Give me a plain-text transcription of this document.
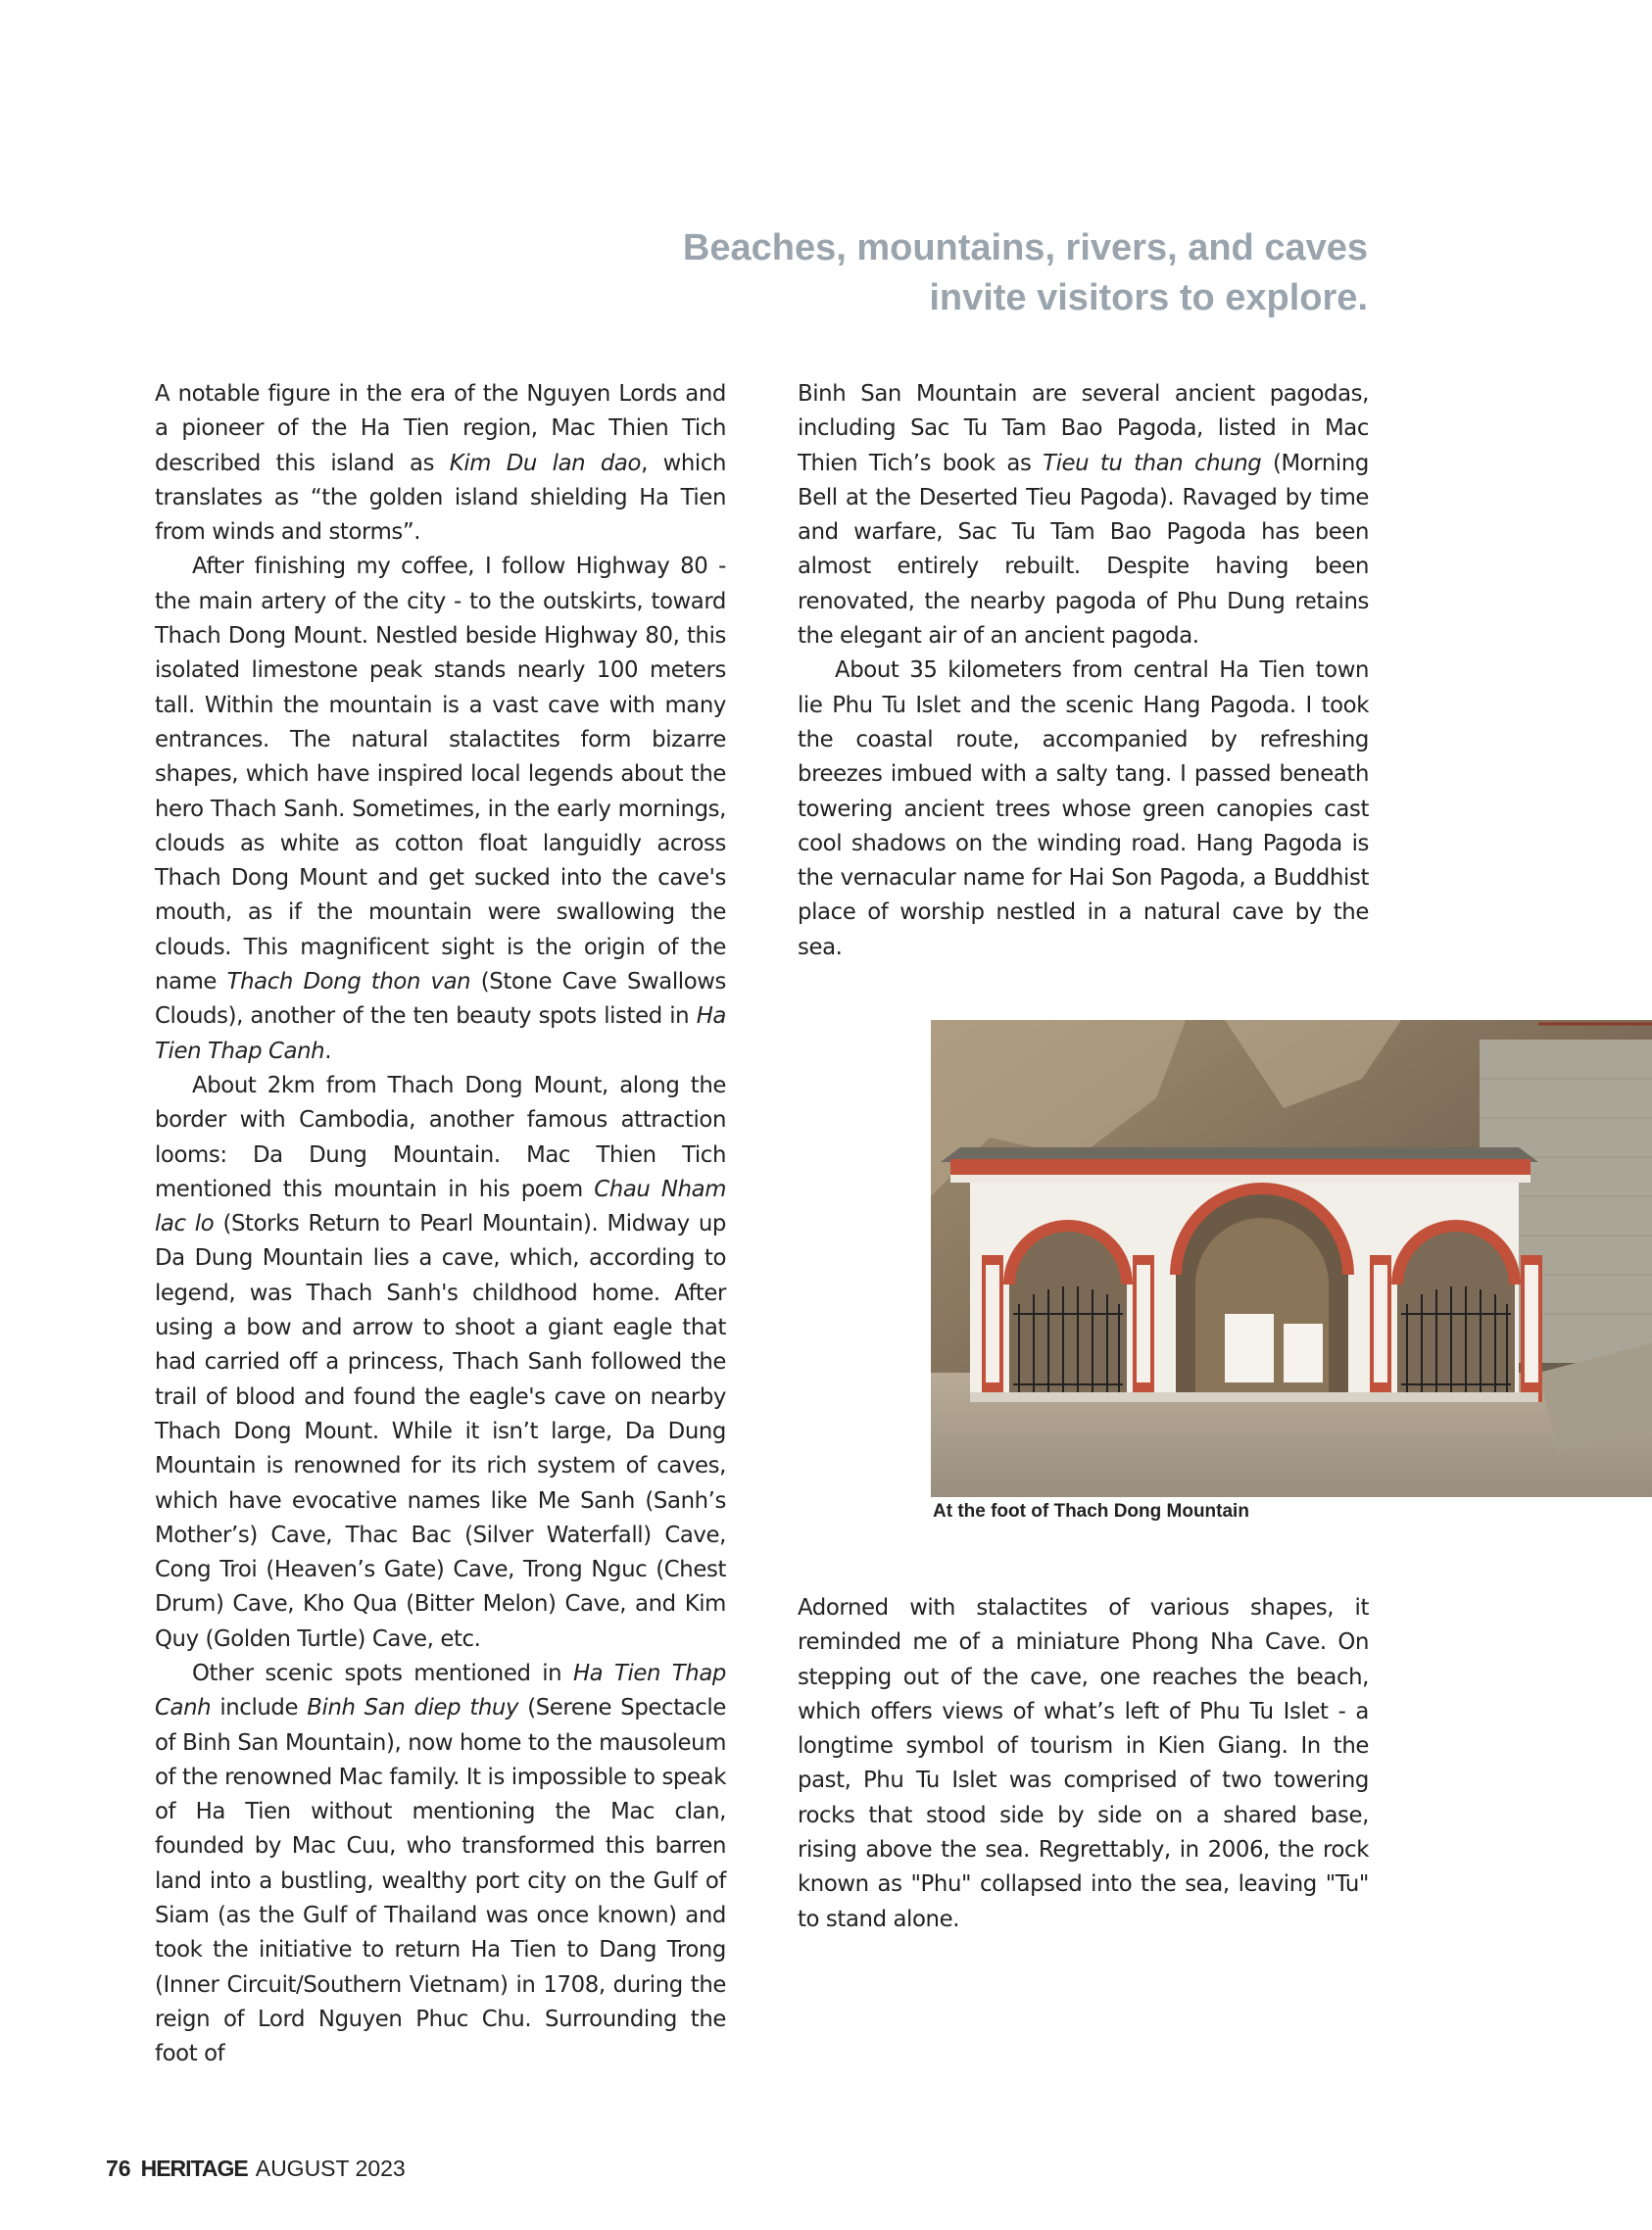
Beaches, mountains, rivers, and caves
invite visitors to explore.

A notable figure in the era of the Nguyen Lords and a pioneer of the Ha Tien region, Mac Thien Tich described this island as Kim Du lan dao, which translates as “the golden island shielding Ha Tien from winds and storms”.

After finishing my coffee, I follow Highway 80 - the main artery of the city - to the outskirts, toward Thach Dong Mount. Nestled beside Highway 80, this isolated limestone peak stands nearly 100 meters tall. Within the mountain is a vast cave with many entrances. The natural stalactites form bizarre shapes, which have inspired local legends about the hero Thach Sanh. Sometimes, in the early mornings, clouds as white as cotton float languidly across Thach Dong Mount and get sucked into the cave's mouth, as if the mountain were swallowing the clouds. This magnificent sight is the origin of the name Thach Dong thon van (Stone Cave Swallows Clouds), another of the ten beauty spots listed in Ha Tien Thap Canh.

About 2km from Thach Dong Mount, along the border with Cambodia, another famous attraction looms: Da Dung Mountain. Mac Thien Tich mentioned this mountain in his poem Chau Nham lac lo (Storks Return to Pearl Mountain). Midway up Da Dung Mountain lies a cave, which, according to legend, was Thach Sanh's childhood home. After using a bow and arrow to shoot a giant eagle that had carried off a princess, Thach Sanh followed the trail of blood and found the eagle's cave on nearby Thach Dong Mount. While it isn’t large, Da Dung Mountain is renowned for its rich system of caves, which have evocative names like Me Sanh (Sanh’s Mother’s) Cave, Thac Bac (Silver Waterfall) Cave, Cong Troi (Heaven’s Gate) Cave, Trong Nguc (Chest Drum) Cave, Kho Qua (Bitter Melon) Cave, and Kim Quy (Golden Turtle) Cave, etc.

Other scenic spots mentioned in Ha Tien Thap Canh include Binh San diep thuy (Serene Spectacle of Binh San Mountain), now home to the mausoleum of the renowned Mac family. It is impossible to speak of Ha Tien without mentioning the Mac clan, founded by Mac Cuu, who transformed this barren land into a bustling, wealthy port city on the Gulf of Siam (as the Gulf of Thailand was once known) and took the initiative to return Ha Tien to Dang Trong (Inner Circuit/Southern Vietnam) in 1708, during the reign of Lord Nguyen Phuc Chu. Surrounding the foot of

Binh San Mountain are several ancient pagodas, including Sac Tu Tam Bao Pagoda, listed in Mac Thien Tich’s book as Tieu tu than chung (Morning Bell at the Deserted Tieu Pagoda). Ravaged by time and warfare, Sac Tu Tam Bao Pagoda has been almost entirely rebuilt. Despite having been renovated, the nearby pagoda of Phu Dung retains the elegant air of an ancient pagoda.

About 35 kilometers from central Ha Tien town lie Phu Tu Islet and the scenic Hang Pagoda. I took the coastal route, accompanied by refreshing breezes imbued with a salty tang. I passed beneath towering ancient trees whose green canopies cast cool shadows on the winding road. Hang Pagoda is the vernacular name for Hai Son Pagoda, a Buddhist place of worship nestled in a natural cave by the sea.

At the foot of Thach Dong Mountain

Adorned with stalactites of various shapes, it reminded me of a miniature Phong Nha Cave. On stepping out of the cave, one reaches the beach, which offers views of what’s left of Phu Tu Islet - a longtime symbol of tourism in Kien Giang. In the past, Phu Tu Islet was comprised of two towering rocks that stood side by side on a shared base, rising above the sea. Regrettably, in 2006, the rock known as "Phu" collapsed into the sea, leaving "Tu" to stand alone.

76 HERITAGE AUGUST 2023
